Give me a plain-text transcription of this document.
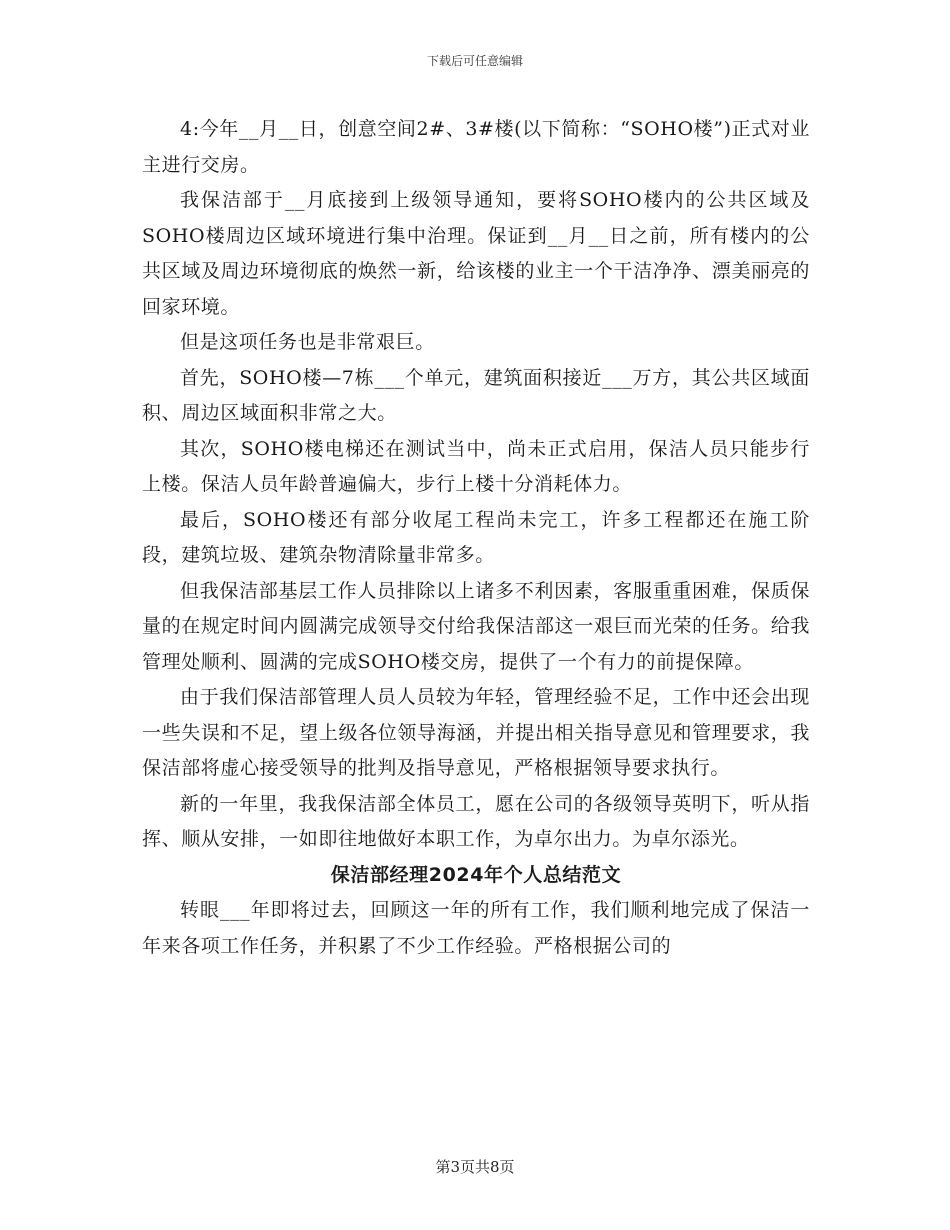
下载后可任意编辑

4:今年__月__日，创意空间2#、3#楼(以下简称：“SOHO楼”)正式对业主进行交房。

我保洁部于__月底接到上级领导通知，要将SOHO楼内的公共区域及SOHO楼周边区域环境进行集中治理。保证到__月__日之前，所有楼内的公共区域及周边环境彻底的焕然一新，给该楼的业主一个干洁净净、漂美丽亮的回家环境。

但是这项任务也是非常艰巨。

首先，SOHO楼—7栋___个单元，建筑面积接近___万方，其公共区域面积、周边区域面积非常之大。

其次，SOHO楼电梯还在测试当中，尚未正式启用，保洁人员只能步行上楼。保洁人员年龄普遍偏大，步行上楼十分消耗体力。

最后，SOHO楼还有部分收尾工程尚未完工，许多工程都还在施工阶段，建筑垃圾、建筑杂物清除量非常多。

但我保洁部基层工作人员排除以上诸多不利因素，客服重重困难，保质保量的在规定时间内圆满完成领导交付给我保洁部这一艰巨而光荣的任务。给我管理处顺利、圆满的完成SOHO楼交房，提供了一个有力的前提保障。

由于我们保洁部管理人员人员较为年轻，管理经验不足，工作中还会出现一些失误和不足，望上级各位领导海涵，并提出相关指导意见和管理要求，我保洁部将虚心接受领导的批判及指导意见，严格根据领导要求执行。

新的一年里，我我保洁部全体员工，愿在公司的各级领导英明下，听从指挥、顺从安排，一如即往地做好本职工作，为卓尔出力。为卓尔添光。

保洁部经理2024年个人总结范文

转眼___年即将过去，回顾这一年的所有工作，我们顺利地完成了保洁一年来各项工作任务，并积累了不少工作经验。严格根据公司的

第3页共8页
